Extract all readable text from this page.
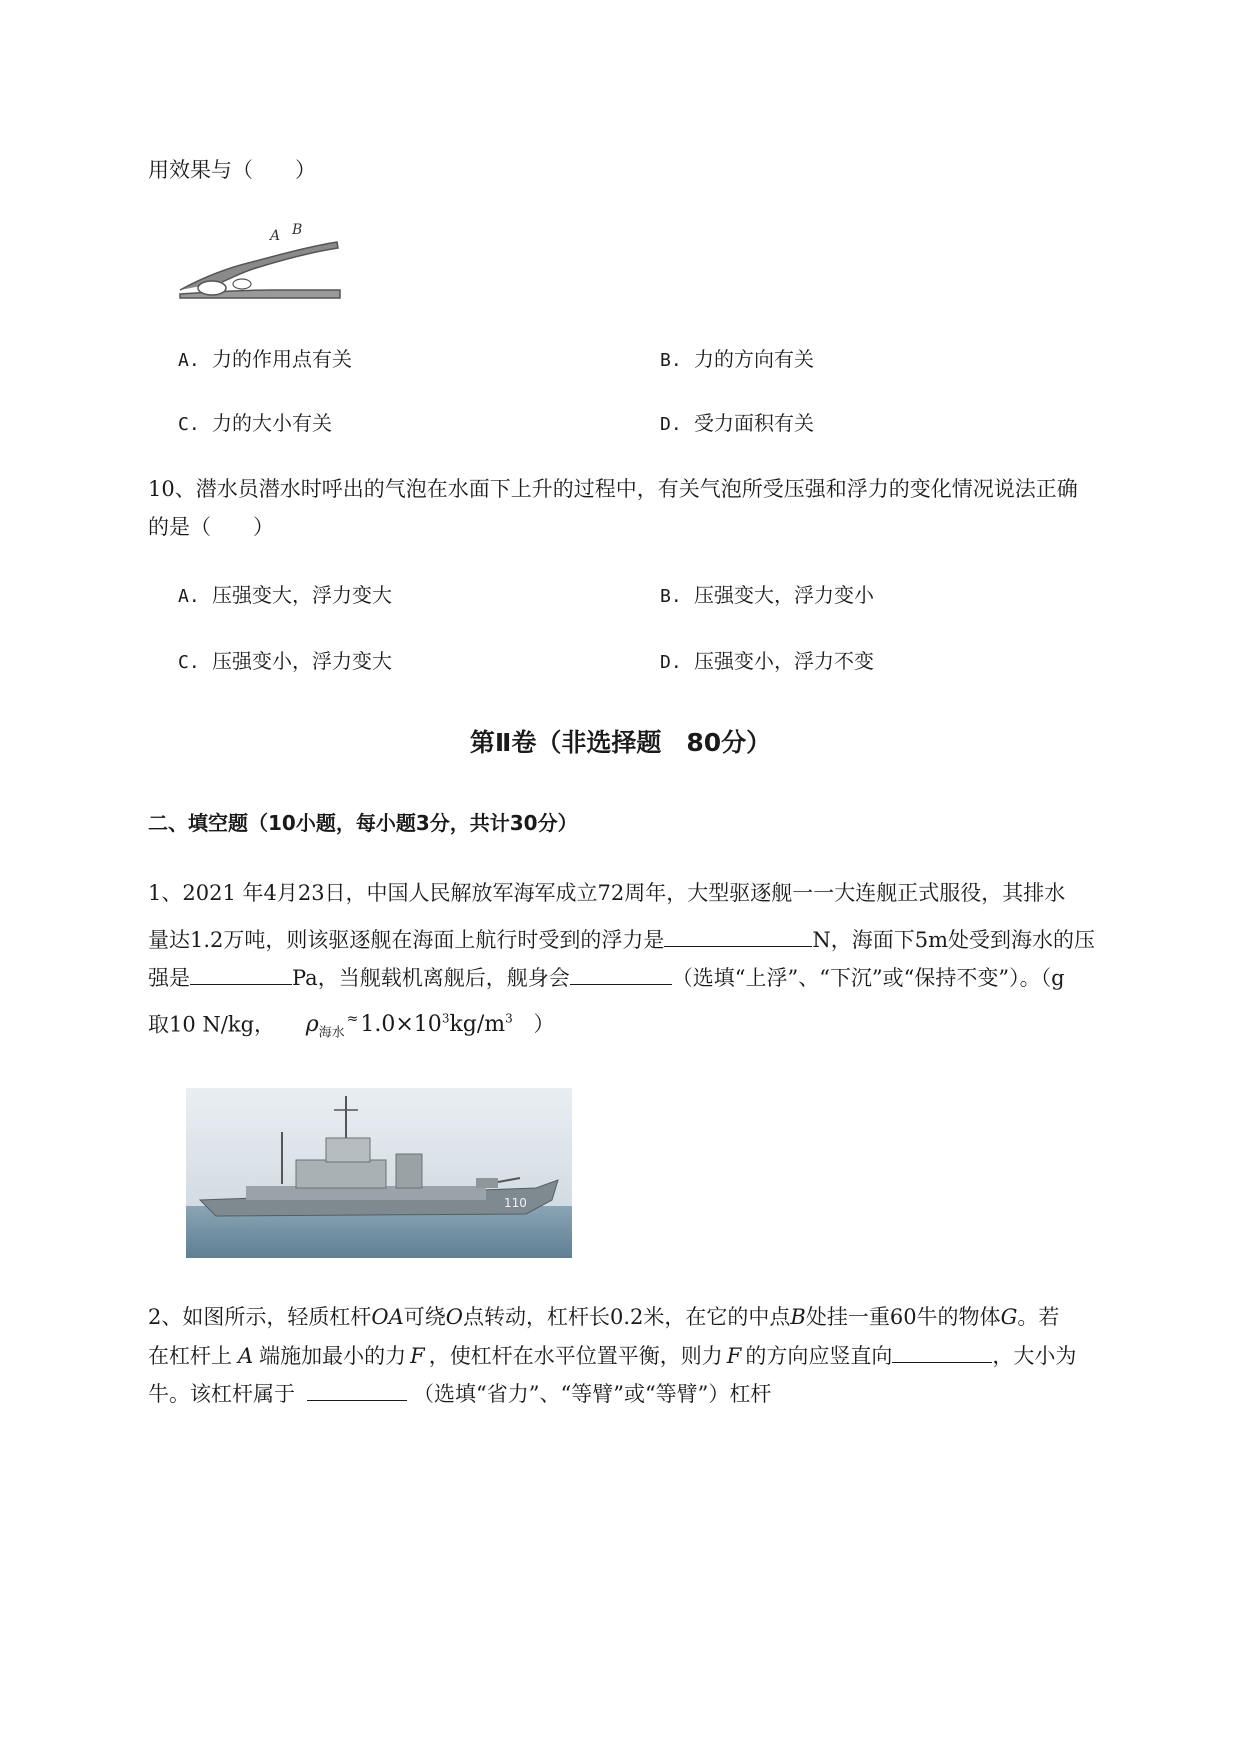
用效果与（　　）
A B
A. 力的作用点有关	B. 力的方向有关
C. 力的大小有关	D. 受力面积有关
10、潜水员潜水时呼出的气泡在水面下上升的过程中，有关气泡所受压强和浮力的变化情况说法正确
的是（　　）
A. 压强变大，浮力变大	B. 压强变大，浮力变小
C. 压强变小，浮力变大	D. 压强变小，浮力不变
第Ⅱ卷（非选择题　80分）
二、填空题（10小题，每小题3分，共计30分）
1、2021 年4月23日，中国人民解放军海军成立72周年，大型驱逐舰一一大连舰正式服役，其排水
量达1.2万吨，则该驱逐舰在海面上航行时受到的浮力是	N，海面下5m处受到海水的压
强是	Pa，当舰载机离舰后，舰身会	（选填“上浮”、“下沉”或“保持不变”）。（g
取10 N/kg， $\rho_{海水}^\approx 1.0\times 10^3kg/m^3$ ）
110
2、如图所示，轻质杠杆OA可绕O点转动，杠杆长0.2米，在它的中点B处挂一重60牛的物体G。若
在杠杆上 A 端施加最小的力 F ，使杠杆在水平位置平衡，则力 F 的方向应竖直向	，大小为
牛。该杠杆属于	（选填“省力”、“等臂”或“等臂”）杠杆
